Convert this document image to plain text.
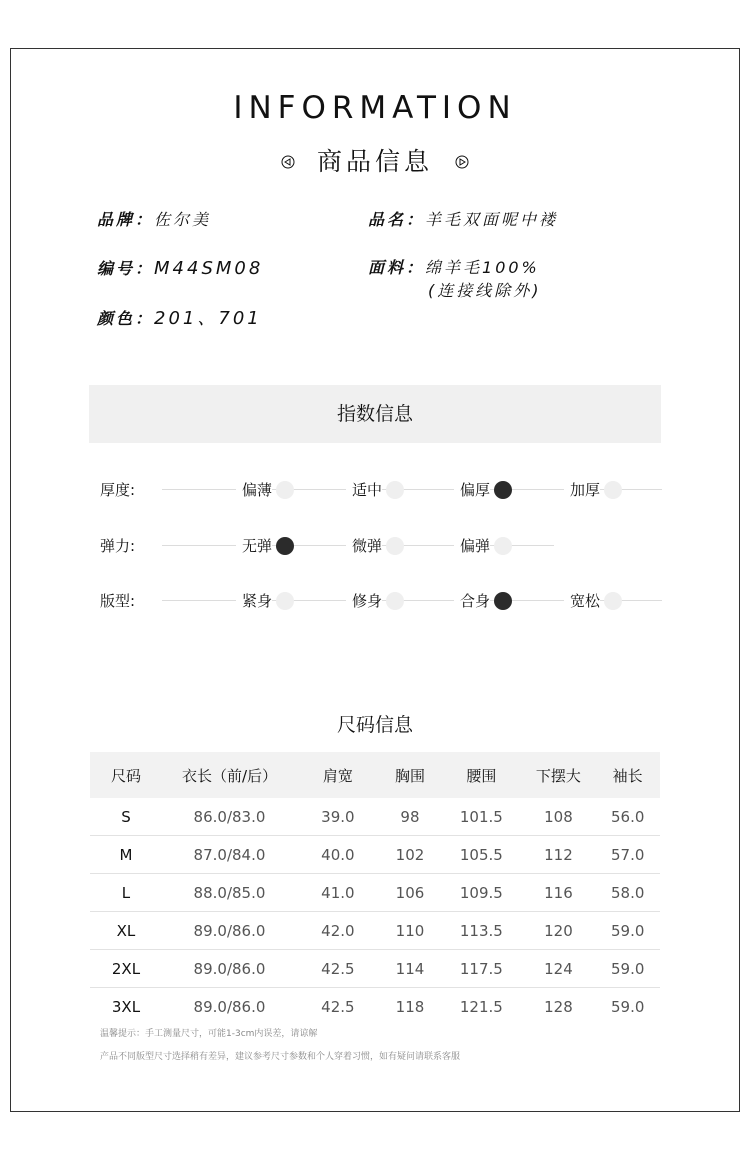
INFORMATION
商品信息
品牌：佐尔美	品名：羊毛双面呢中褛
编号：M44SM08	面料：绵羊毛100%
(连接线除外)
颜色：201、701
指数信息
厚度:	偏薄	适中	偏厚	加厚
弹力:	无弹	微弹	偏弹
版型:	紧身	修身	合身	宽松
尺码信息
尺码	衣长（前/后）	肩宽	胸围	腰围	下摆大	袖长
S	86.0/83.0	39.0	98	101.5	108	56.0
M	87.0/84.0	40.0	102	105.5	112	57.0
L	88.0/85.0	41.0	106	109.5	116	58.0
XL	89.0/86.0	42.0	110	113.5	120	59.0
2XL	89.0/86.0	42.5	114	117.5	124	59.0
3XL	89.0/86.0	42.5	118	121.5	128	59.0
温馨提示：手工测量尺寸，可能1-3cm内误差，请谅解
产品不同版型尺寸选择稍有差异，建议参考尺寸参数和个人穿着习惯，如有疑问请联系客服
